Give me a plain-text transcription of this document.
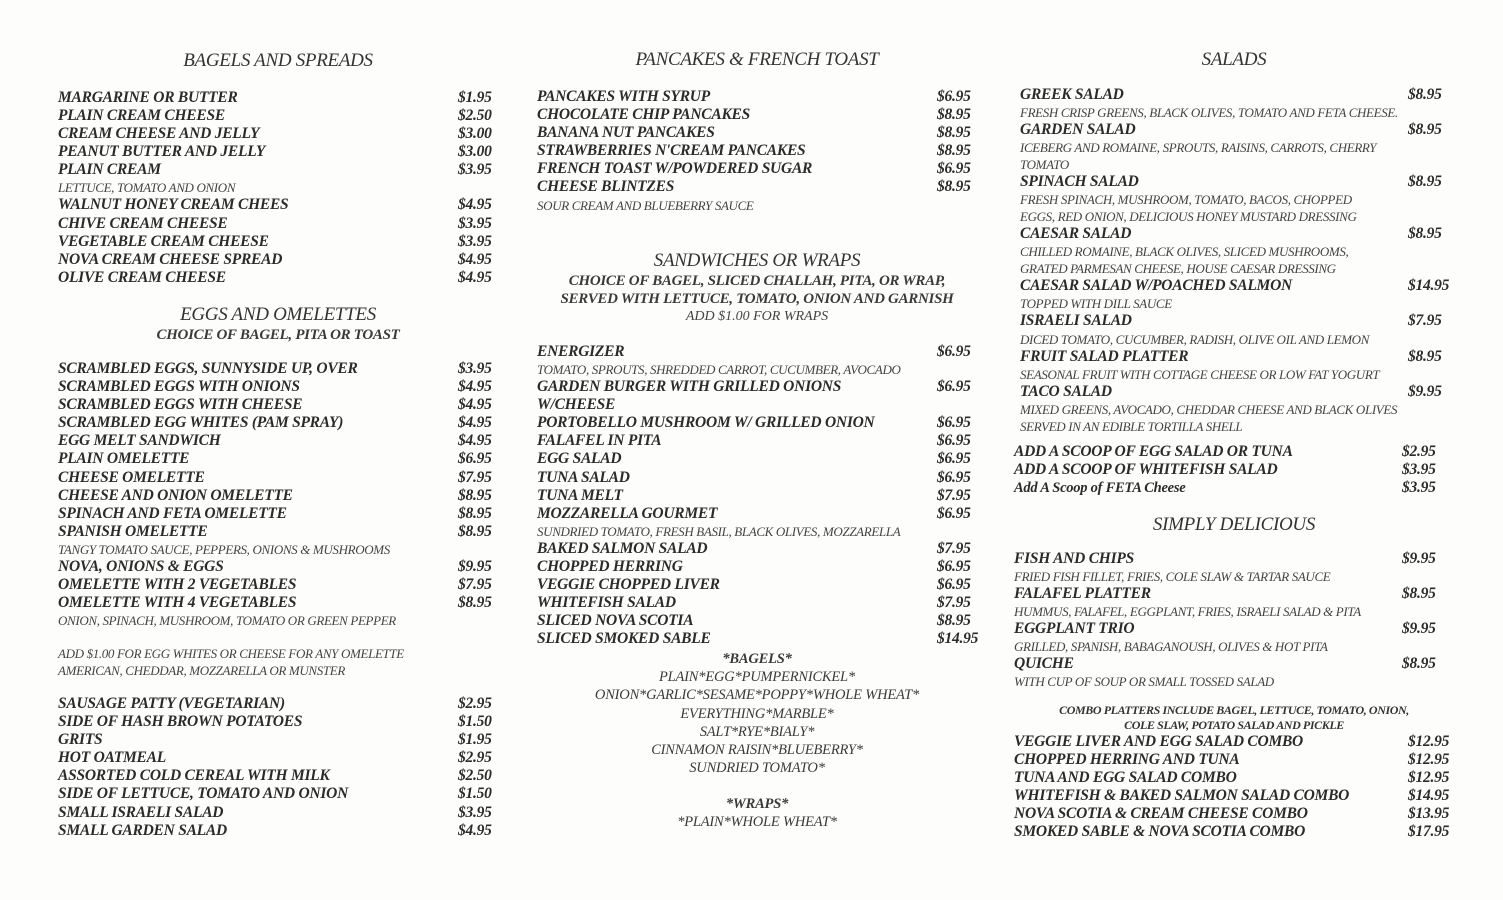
BAGELS AND SPREADS
MARGARINE OR BUTTER	$1.95
PLAIN CREAM CHEESE	$2.50
CREAM CHEESE AND JELLY	$3.00
PEANUT BUTTER AND JELLY	$3.00
PLAIN CREAM	$3.95
LETTUCE, TOMATO AND ONION
WALNUT HONEY CREAM CHEES	$4.95
CHIVE CREAM CHEESE	$3.95
VEGETABLE CREAM CHEESE	$3.95
NOVA CREAM CHEESE SPREAD	$4.95
OLIVE CREAM CHEESE	$4.95
EGGS AND OMELETTES
CHOICE OF BAGEL, PITA OR TOAST
SCRAMBLED EGGS, SUNNYSIDE UP, OVER	$3.95
SCRAMBLED EGGS WITH ONIONS	$4.95
SCRAMBLED EGGS WITH CHEESE	$4.95
SCRAMBLED EGG WHITES (PAM SPRAY)	$4.95
EGG MELT SANDWICH	$4.95
PLAIN OMELETTE	$6.95
CHEESE OMELETTE	$7.95
CHEESE AND ONION OMELETTE	$8.95
SPINACH AND FETA OMELETTE	$8.95
SPANISH OMELETTE	$8.95
TANGY TOMATO SAUCE, PEPPERS, ONIONS & MUSHROOMS
NOVA, ONIONS & EGGS	$9.95
OMELETTE WITH 2 VEGETABLES	$7.95
OMELETTE WITH 4 VEGETABLES	$8.95
ONION, SPINACH, MUSHROOM, TOMATO OR GREEN PEPPER
ADD $1.00 FOR EGG WHITES OR CHEESE FOR ANY OMELETTE
AMERICAN, CHEDDAR, MOZZARELLA OR MUNSTER
SAUSAGE PATTY (VEGETARIAN)	$2.95
SIDE OF HASH BROWN POTATOES	$1.50
GRITS	$1.95
HOT OATMEAL	$2.95
ASSORTED COLD CEREAL WITH MILK	$2.50
SIDE OF LETTUCE, TOMATO AND ONION	$1.50
SMALL ISRAELI SALAD	$3.95
SMALL GARDEN SALAD	$4.95
PANCAKES & FRENCH TOAST
PANCAKES WITH SYRUP	$6.95
CHOCOLATE CHIP PANCAKES	$8.95
BANANA NUT PANCAKES	$8.95
STRAWBERRIES N'CREAM PANCAKES	$8.95
FRENCH TOAST W/POWDERED SUGAR	$6.95
CHEESE BLINTZES	$8.95
SOUR CREAM AND BLUEBERRY SAUCE
SANDWICHES OR WRAPS
CHOICE OF BAGEL, SLICED CHALLAH, PITA, OR WRAP,
SERVED WITH LETTUCE, TOMATO, ONION AND GARNISH
ADD $1.00 FOR WRAPS
ENERGIZER	$6.95
TOMATO, SPROUTS, SHREDDED CARROT, CUCUMBER, AVOCADO
GARDEN BURGER WITH GRILLED ONIONS	$6.95
W/CHEESE
PORTOBELLO MUSHROOM W/ GRILLED ONION	$6.95
FALAFEL IN PITA	$6.95
EGG SALAD	$6.95
TUNA SALAD	$6.95
TUNA MELT	$7.95
MOZZARELLA GOURMET	$6.95
SUNDRIED TOMATO, FRESH BASIL, BLACK OLIVES, MOZZARELLA
BAKED SALMON SALAD	$7.95
CHOPPED HERRING	$6.95
VEGGIE CHOPPED LIVER	$6.95
WHITEFISH SALAD	$7.95
SLICED NOVA SCOTIA	$8.95
SLICED SMOKED SABLE	$14.95
*BAGELS*
PLAIN*EGG*PUMPERNICKEL*
ONION*GARLIC*SESAME*POPPY*WHOLE WHEAT*
EVERYTHING*MARBLE*
SALT*RYE*BIALY*
CINNAMON RAISIN*BLUEBERRY*
SUNDRIED TOMATO*
*WRAPS*
*PLAIN*WHOLE WHEAT*
SALADS
GREEK SALAD	$8.95
FRESH CRISP GREENS, BLACK OLIVES, TOMATO AND FETA CHEESE.
GARDEN SALAD	$8.95
ICEBERG AND ROMAINE, SPROUTS, RAISINS, CARROTS, CHERRY
TOMATO
SPINACH SALAD	$8.95
FRESH SPINACH, MUSHROOM, TOMATO, BACOS, CHOPPED
EGGS, RED ONION, DELICIOUS HONEY MUSTARD DRESSING
CAESAR SALAD	$8.95
CHILLED ROMAINE, BLACK OLIVES, SLICED MUSHROOMS,
GRATED PARMESAN CHEESE, HOUSE CAESAR DRESSING
CAESAR SALAD W/POACHED SALMON	$14.95
TOPPED WITH DILL SAUCE
ISRAELI SALAD	$7.95
DICED TOMATO, CUCUMBER, RADISH, OLIVE OIL AND LEMON
FRUIT SALAD PLATTER	$8.95
SEASONAL FRUIT WITH COTTAGE CHEESE OR LOW FAT YOGURT
TACO SALAD	$9.95
MIXED GREENS, AVOCADO, CHEDDAR CHEESE AND BLACK OLIVES
SERVED IN AN EDIBLE TORTILLA SHELL
ADD A SCOOP OF EGG SALAD OR TUNA	$2.95
ADD A SCOOP OF WHITEFISH SALAD	$3.95
Add A Scoop of FETA Cheese	$3.95
SIMPLY DELICIOUS
FISH AND CHIPS	$9.95
FRIED FISH FILLET, FRIES, COLE SLAW & TARTAR SAUCE
FALAFEL PLATTER	$8.95
HUMMUS, FALAFEL, EGGPLANT, FRIES, ISRAELI SALAD & PITA
EGGPLANT TRIO	$9.95
GRILLED, SPANISH, BABAGANOUSH, OLIVES & HOT PITA
QUICHE	$8.95
WITH CUP OF SOUP OR SMALL TOSSED SALAD
COMBO PLATTERS INCLUDE BAGEL, LETTUCE, TOMATO, ONION,
COLE SLAW, POTATO SALAD AND PICKLE
VEGGIE LIVER AND EGG SALAD COMBO	$12.95
CHOPPED HERRING AND TUNA	$12.95
TUNA AND EGG SALAD COMBO	$12.95
WHITEFISH & BAKED SALMON SALAD COMBO	$14.95
NOVA SCOTIA & CREAM CHEESE COMBO	$13.95
SMOKED SABLE & NOVA SCOTIA COMBO	$17.95
